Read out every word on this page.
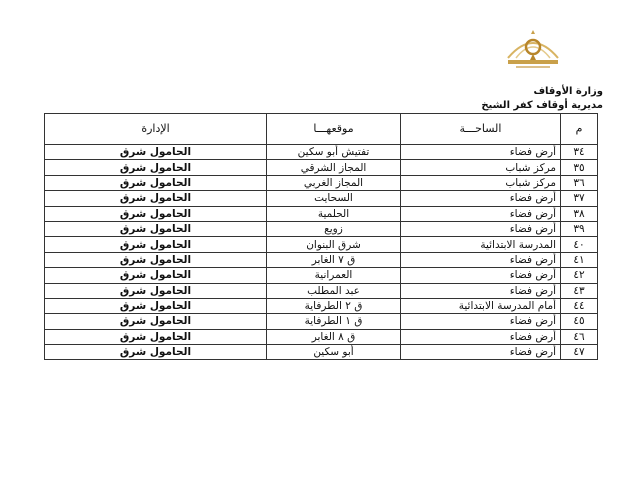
وزارة الأوقاف
مديرية أوقاف كفر الشيخ
م	الساحـــة	موقعهـــا	الإدارة
٣٤	أرض فضاء	تفتيش أبو سكين	الحامول شرق
٣٥	مركز شباب	المجاز الشرقي	الحامول شرق
٣٦	مركز شباب	المجاز الغربي	الحامول شرق
٣٧	أرض فضاء	السحايت	الحامول شرق
٣٨	أرض فضاء	الحلمية	الحامول شرق
٣٩	أرض فضاء	زويع	الحامول شرق
٤٠	المدرسة الابتدائية	شرق البنوان	الحامول شرق
٤١	أرض فضاء	ق ٧ الغابر	الحامول شرق
٤٢	أرض فضاء	العمرانية	الحامول شرق
٤٣	أرض فضاء	عبد المطلب	الحامول شرق
٤٤	أمام المدرسة الابتدائية	ق ٢ الطرفاية	الحامول شرق
٤٥	أرض فضاء	ق ١ الطرفاية	الحامول شرق
٤٦	أرض فضاء	ق ٨ الغابر	الحامول شرق
٤٧	أرض فضاء	أبو سكين	الحامول شرق
